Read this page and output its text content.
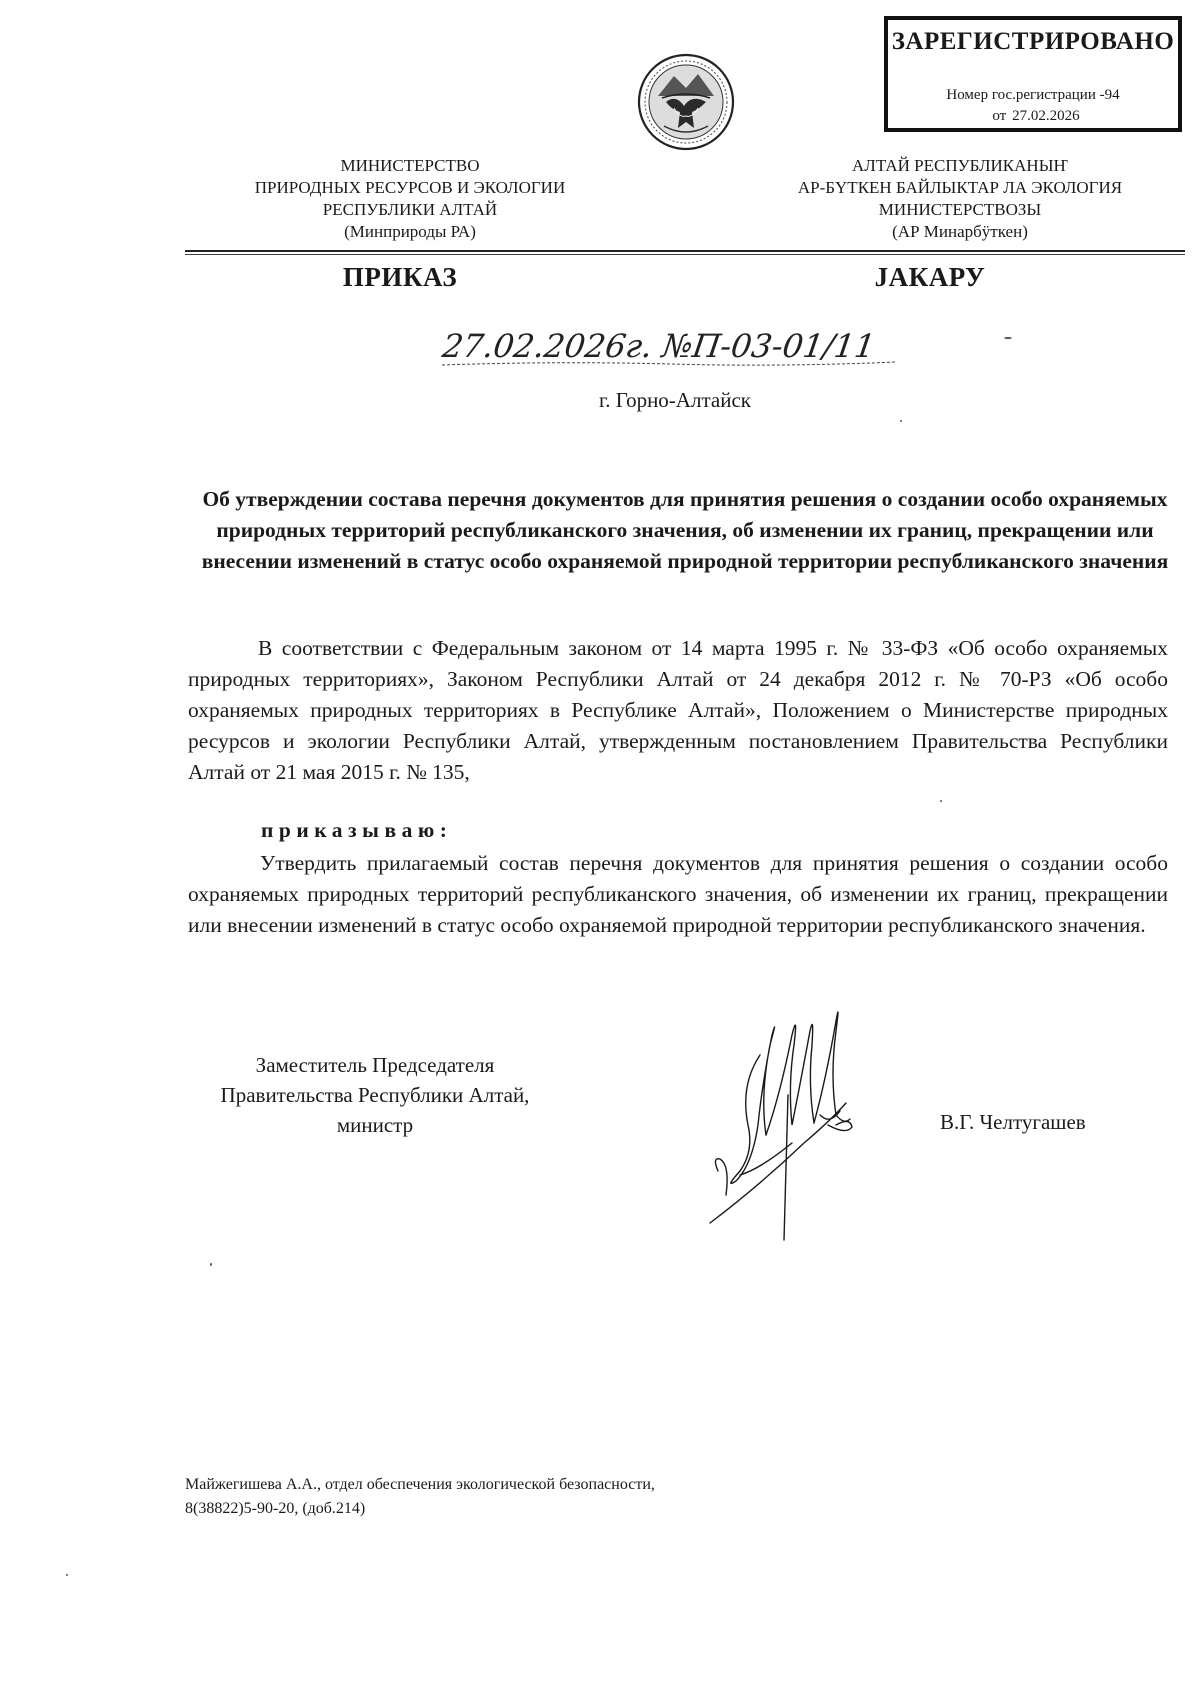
ЗАРЕГИСТРИРОВАНО
Номер гос.регистрации -94
от 27.02.2026
МИНИСТЕРСТВО
ПРИРОДНЫХ РЕСУРСОВ И ЭКОЛОГИИ
РЕСПУБЛИКИ АЛТАЙ
(Минприроды РА)
АЛТАЙ РЕСПУБЛИКАНЫҤ
АР-БҮТКЕН БАЙЛЫКТАР ЛА ЭКОЛОГИЯ
МИНИСТЕРСТВОЗЫ
(АР Минарбÿткен)
ПРИКАЗ	JАКАРУ
27.02.2026г. №П-03-01/11
г. Горно-Алтайск
Об утверждении состава перечня документов для принятия решения о создании особо охраняемых природных территорий республиканского значения, об изменении их границ, прекращении или внесении изменений в статус особо охраняемой природной территории республиканского значения
В соответствии с Федеральным законом от 14 марта 1995 г. № 33-ФЗ «Об особо охраняемых природных территориях», Законом Республики Алтай от 24 декабря 2012 г. № 70-РЗ «Об особо охраняемых природных территориях в Республике Алтай», Положением о Министерстве природных ресурсов и экологии Республики Алтай, утвержденным постановлением Правительства Республики Алтай от 21 мая 2015 г. № 135,
приказываю:
Утвердить прилагаемый состав перечня документов для принятия решения о создании особо охраняемых природных территорий республиканского значения, об изменении их границ, прекращении или внесении изменений в статус особо охраняемой природной территории республиканского значения.
Заместитель Председателя
Правительства Республики Алтай,
министр	В.Г. Челтугашев
Майжегишева А.А., отдел обеспечения экологической безопасности,
8(38822)5-90-20, (доб.214)
